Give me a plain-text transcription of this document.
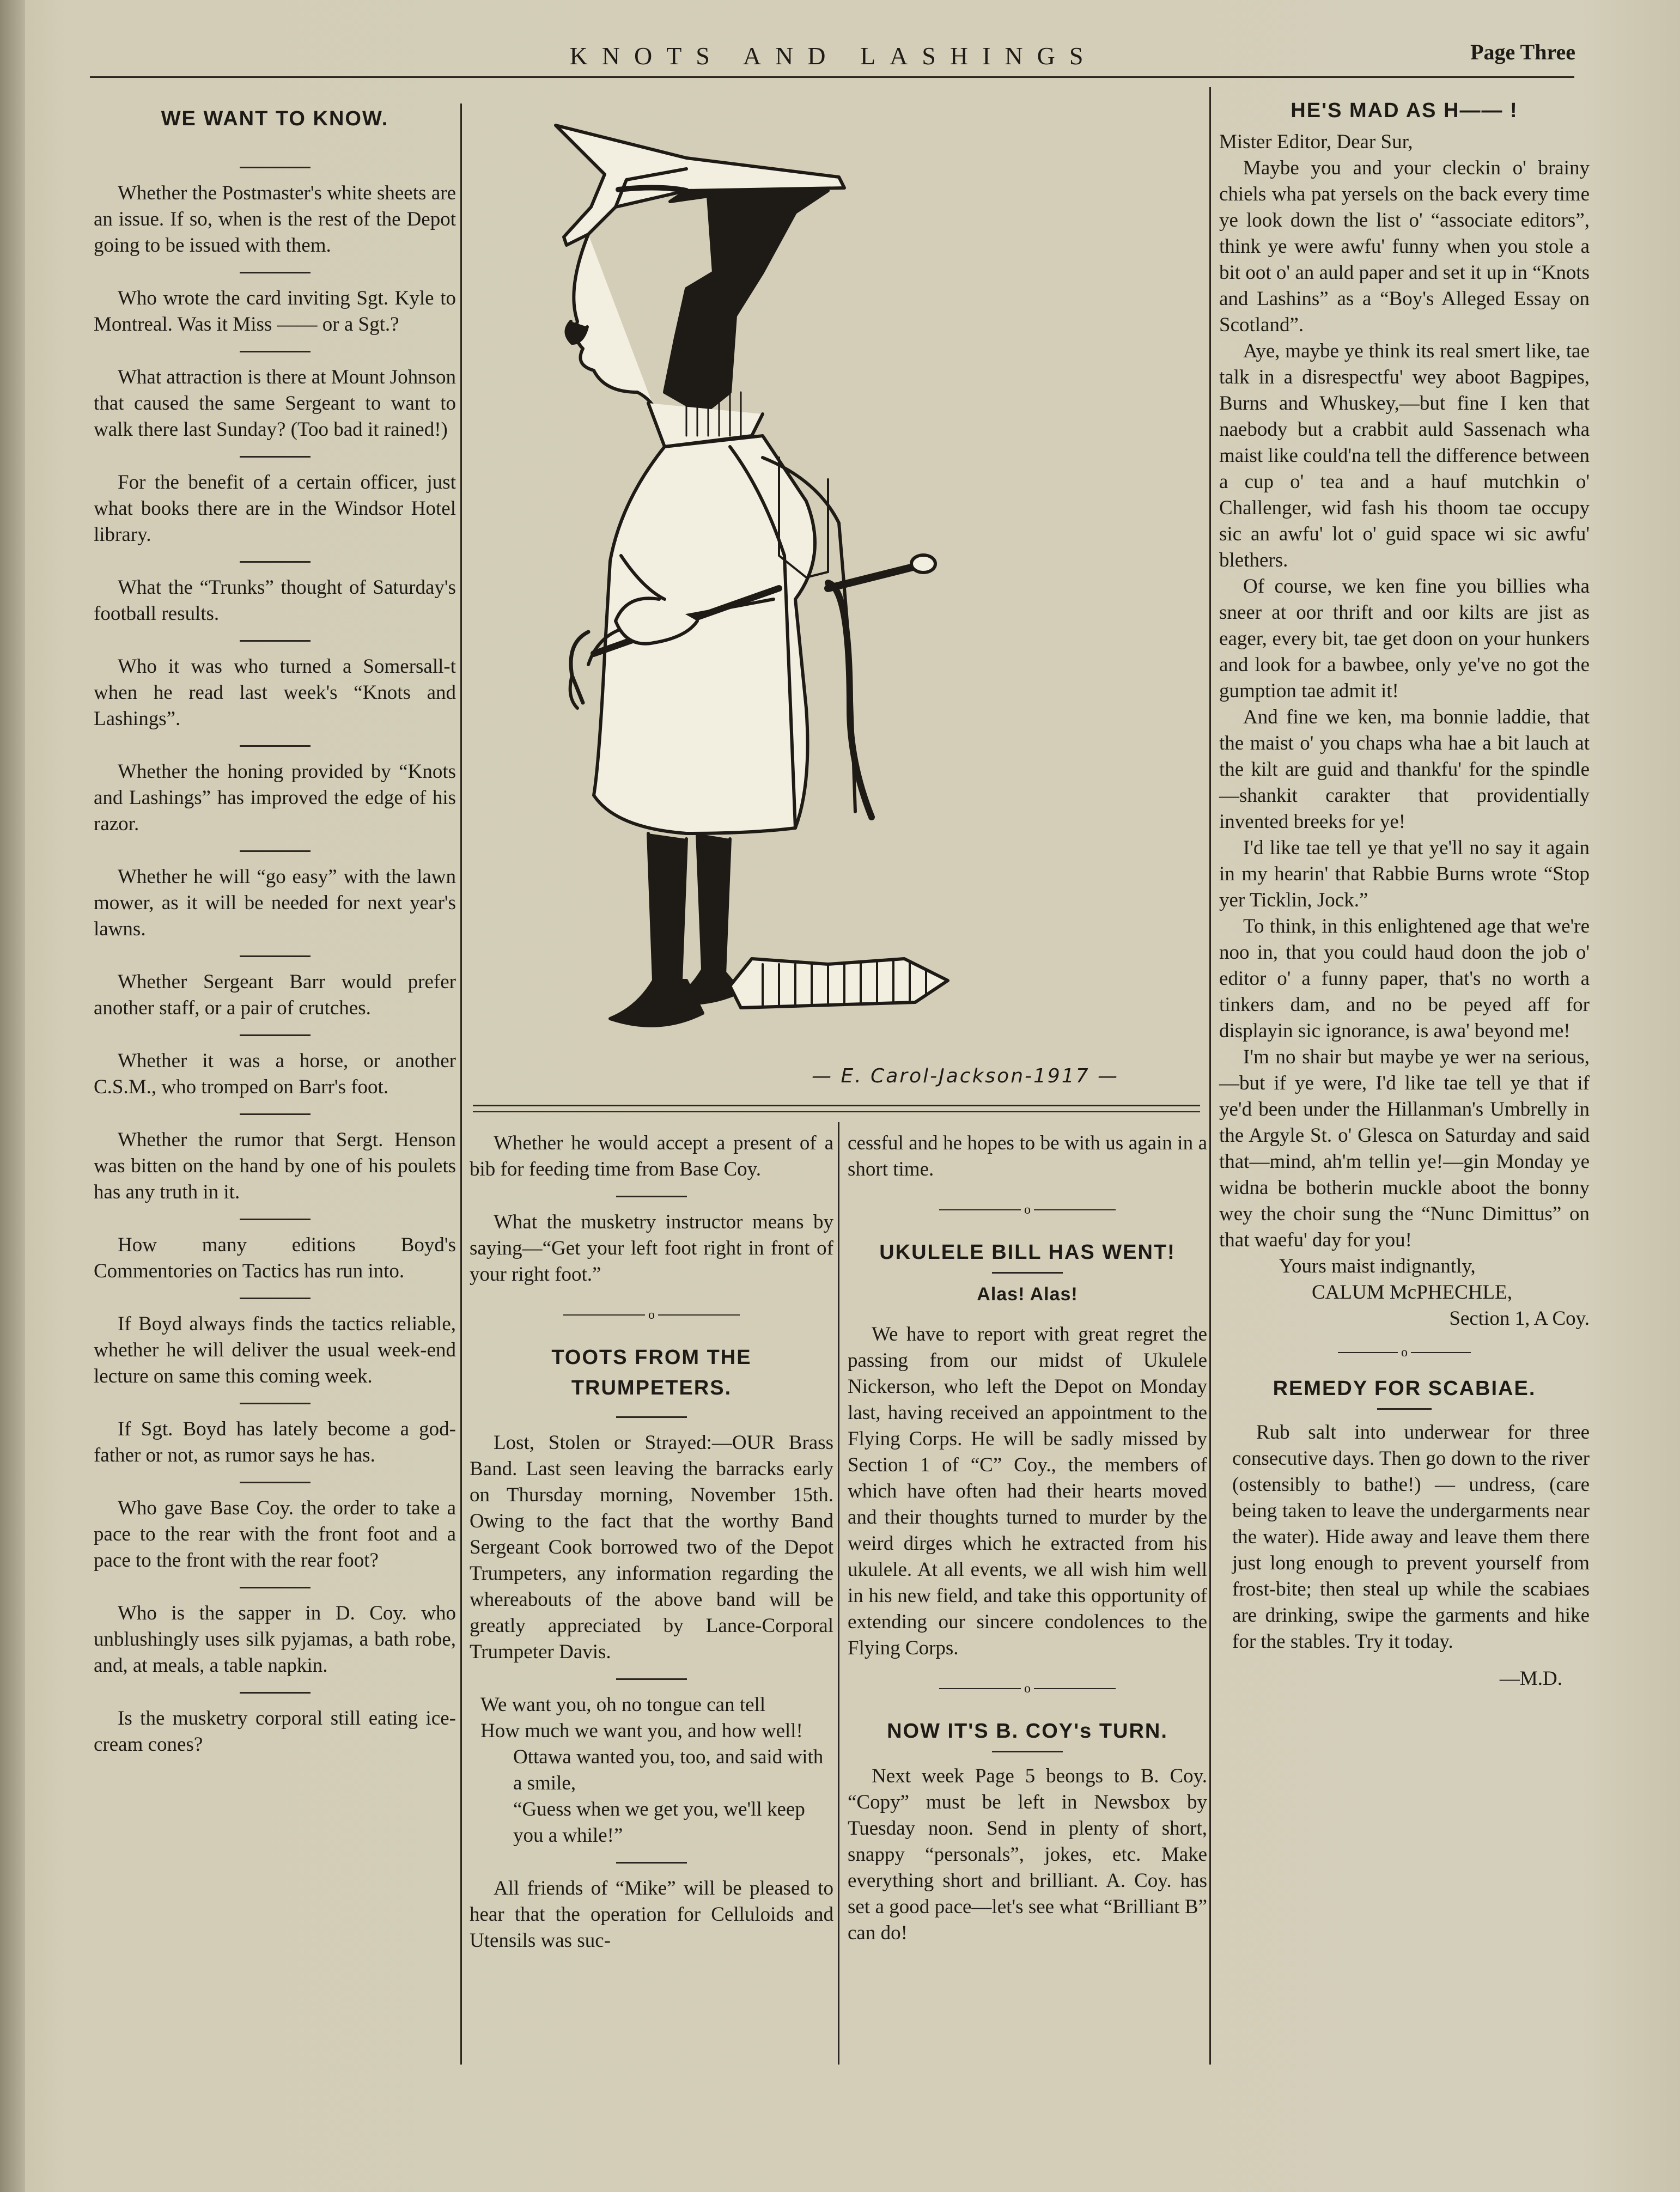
KNOTS AND LASHINGS	Page Three
WE WANT TO KNOW.

Whether the Postmaster's white sheets are an issue. If so, when is the rest of the Depot going to be issued with them.

Who wrote the card inviting Sgt. Kyle to Montreal. Was it Miss —— or a Sgt.?

What attraction is there at Mount Johnson that caused the same Sergeant to want to walk there last Sunday? (Too bad it rained!)

For the benefit of a certain officer, just what books there are in the Windsor Hotel library.

What the “Trunks” thought of Saturday's football results.

Who it was who turned a Somersall-t when he read last week's “Knots and Lashings”.

Whether the honing provided by “Knots and Lashings” has improved the edge of his razor.

Whether he will “go easy” with the lawn mower, as it will be needed for next year's lawns.

Whether Sergeant Barr would prefer another staff, or a pair of crutches.

Whether it was a horse, or another C.S.M., who tromped on Barr's foot.

Whether the rumor that Sergt. Henson was bitten on the hand by one of his poulets has any truth in it.

How many editions Boyd's Commentories on Tactics has run into.

If Boyd always finds the tactics reliable, whether he will deliver the usual week-end lecture on same this coming week.

If Sgt. Boyd has lately become a god-father or not, as rumor says he has.

Who gave Base Coy. the order to take a pace to the rear with the front foot and a pace to the front with the rear foot?

Who is the sapper in D. Coy. who unblushingly uses silk pyjamas, a bath robe, and, at meals, a table napkin.

Is the musketry corporal still eating ice-cream cones?

— E. Carol-Jackson-1917 —

Whether he would accept a present of a bib for feeding time from Base Coy.

What the musketry instructor means by saying—“Get your left foot right in front of your right foot.”

o
TOOTS FROM THE TRUMPETERS.

Lost, Stolen or Strayed:—OUR Brass Band. Last seen leaving the barracks early on Thursday morning, November 15th. Owing to the fact that the worthy Band Sergeant Cook borrowed two of the Depot Trumpeters, any information regarding the whereabouts of the above band will be greatly appreciated by Lance-Corporal Trumpeter Davis.

We want you, oh no tongue can tell
How much we want you, and how well!
Ottawa wanted you, too, and said with a smile,
“Guess when we get you, we'll keep you a while!”

All friends of “Mike” will be pleased to hear that the operation for Celluloids and Utensils was suc-

cessful and he hopes to be with us again in a short time.

o
UKULELE BILL HAS WENT!
Alas! Alas!

We have to report with great regret the passing from our midst of Ukulele Nickerson, who left the Depot on Monday last, having received an appointment to the Flying Corps. He will be sadly missed by Section 1 of “C” Coy., the members of which have often had their hearts moved and their thoughts turned to murder by the weird dirges which he extracted from his ukulele. At all events, we all wish him well in his new field, and take this opportunity of extending our sincere condolences to the Flying Corps.

o
NOW IT'S B. COY's TURN.

Next week Page 5 beongs to B. Coy. “Copy” must be left in Newsbox by Tuesday noon. Send in plenty of short, snappy “personals”, jokes, etc. Make everything short and brilliant. A. Coy. has set a good pace—let's see what “Brilliant B” can do!

HE'S MAD AS H—— !
Mister Editor, Dear Sur,

Maybe you and your cleckin o' brainy chiels wha pat yersels on the back every time ye look down the list o' “associate editors”, think ye were awfu' funny when you stole a bit oot o' an auld paper and set it up in “Knots and Lashins” as a “Boy's Alleged Essay on Scotland”.

Aye, maybe ye think its real smert like, tae talk in a disrespectfu' wey aboot Bagpipes, Burns and Whuskey,—but fine I ken that naebody but a crabbit auld Sassenach wha maist like could'na tell the difference between a cup o' tea and a hauf mutchkin o' Challenger, wid fash his thoom tae occupy sic an awfu' lot o' guid space wi sic awfu' blethers.

Of course, we ken fine you billies wha sneer at oor thrift and oor kilts are jist as eager, every bit, tae get doon on your hunkers and look for a bawbee, only ye've no got the gumption tae admit it!

And fine we ken, ma bonnie laddie, that the maist o' you chaps wha hae a bit lauch at the kilt are guid and thankfu' for the spindle—shankit carakter that providentially invented breeks for ye!

I'd like tae tell ye that ye'll no say it again in my hearin' that Rabbie Burns wrote “Stop yer Ticklin, Jock.”

To think, in this enlightened age that we're noo in, that you could haud doon the job o' editor o' a funny paper, that's no worth a tinkers dam, and no be peyed aff for displayin sic ignorance, is awa' beyond me!

I'm no shair but maybe ye wer na serious,—but if ye were, I'd like tae tell ye that if ye'd been under the Hillanman's Umbrelly in the Argyle St. o' Glesca on Saturday and said that—mind, ah'm tellin ye!—gin Monday ye widna be botherin muckle aboot the bonny wey the choir sung the “Nunc Dimittus” on that waefu' day for you!

Yours maist indignantly,
CALUM McPHECHLE,
Section 1, A Coy.
o
REMEDY FOR SCABIAE.

Rub salt into underwear for three consecutive days. Then go down to the river (ostensibly to bathe!) — undress, (care being taken to leave the undergarments near the water). Hide away and leave them there just long enough to prevent yourself from frost-bite; then steal up while the scabiaes are drinking, swipe the garments and hike for the stables. Try it today.

—M.D.
